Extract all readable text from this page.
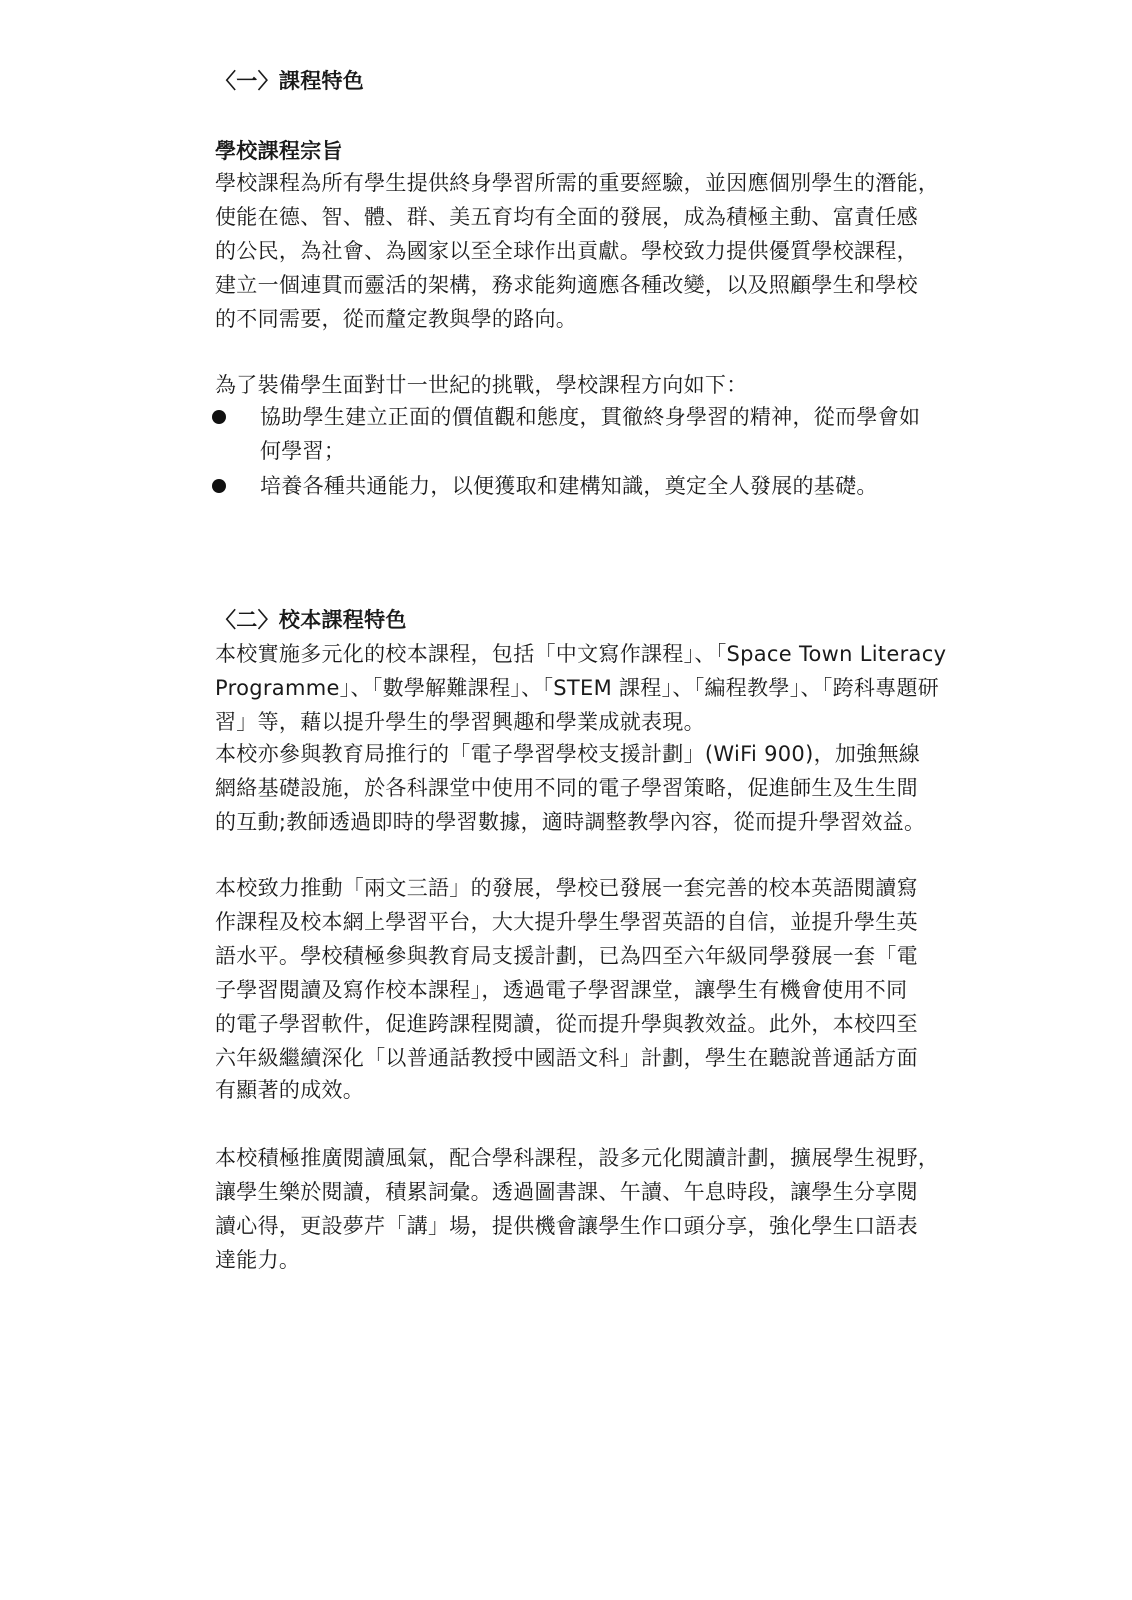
〈一〉課程特色
學校課程宗旨
學校課程為所有學生提供終身學習所需的重要經驗，並因應個別學生的潛能，
使能在德、智、體、群、美五育均有全面的發展，成為積極主動、富責任感
的公民，為社會、為國家以至全球作出貢獻。學校致力提供優質學校課程，
建立一個連貫而靈活的架構，務求能夠適應各種改變，以及照顧學生和學校
的不同需要，從而釐定教與學的路向。
為了裝備學生面對廿一世紀的挑戰，學校課程方向如下：
協助學生建立正面的價值觀和態度，貫徹終身學習的精神，從而學會如
何學習；
培養各種共通能力，以便獲取和建構知識，奠定全人發展的基礎。
〈二〉校本課程特色
本校實施多元化的校本課程，包括「中文寫作課程」、「Space Town Literacy
Programme」、「數學解難課程」、「STEM 課程」、「編程教學」、「跨科專題研
習」等，藉以提升學生的學習興趣和學業成就表現。
本校亦參與教育局推行的「電子學習學校支援計劃」(WiFi 900)，加強無線
網絡基礎設施，於各科課堂中使用不同的電子學習策略，促進師生及生生間
的互動;教師透過即時的學習數據，適時調整教學內容，從而提升學習效益。
本校致力推動「兩文三語」的發展，學校已發展一套完善的校本英語閱讀寫
作課程及校本網上學習平台，大大提升學生學習英語的自信，並提升學生英
語水平。學校積極參與教育局支援計劃，已為四至六年級同學發展一套「電
子學習閱讀及寫作校本課程」，透過電子學習課堂，讓學生有機會使用不同
的電子學習軟件，促進跨課程閱讀，從而提升學與教效益。此外，本校四至
六年級繼續深化「以普通話教授中國語文科」計劃，學生在聽說普通話方面
有顯著的成效。
本校積極推廣閱讀風氣，配合學科課程，設多元化閱讀計劃，擴展學生視野，
讓學生樂於閱讀，積累詞彙。透過圖書課、午讀、午息時段，讓學生分享閱
讀心得，更設夢芹「講」場，提供機會讓學生作口頭分享，強化學生口語表
達能力。
